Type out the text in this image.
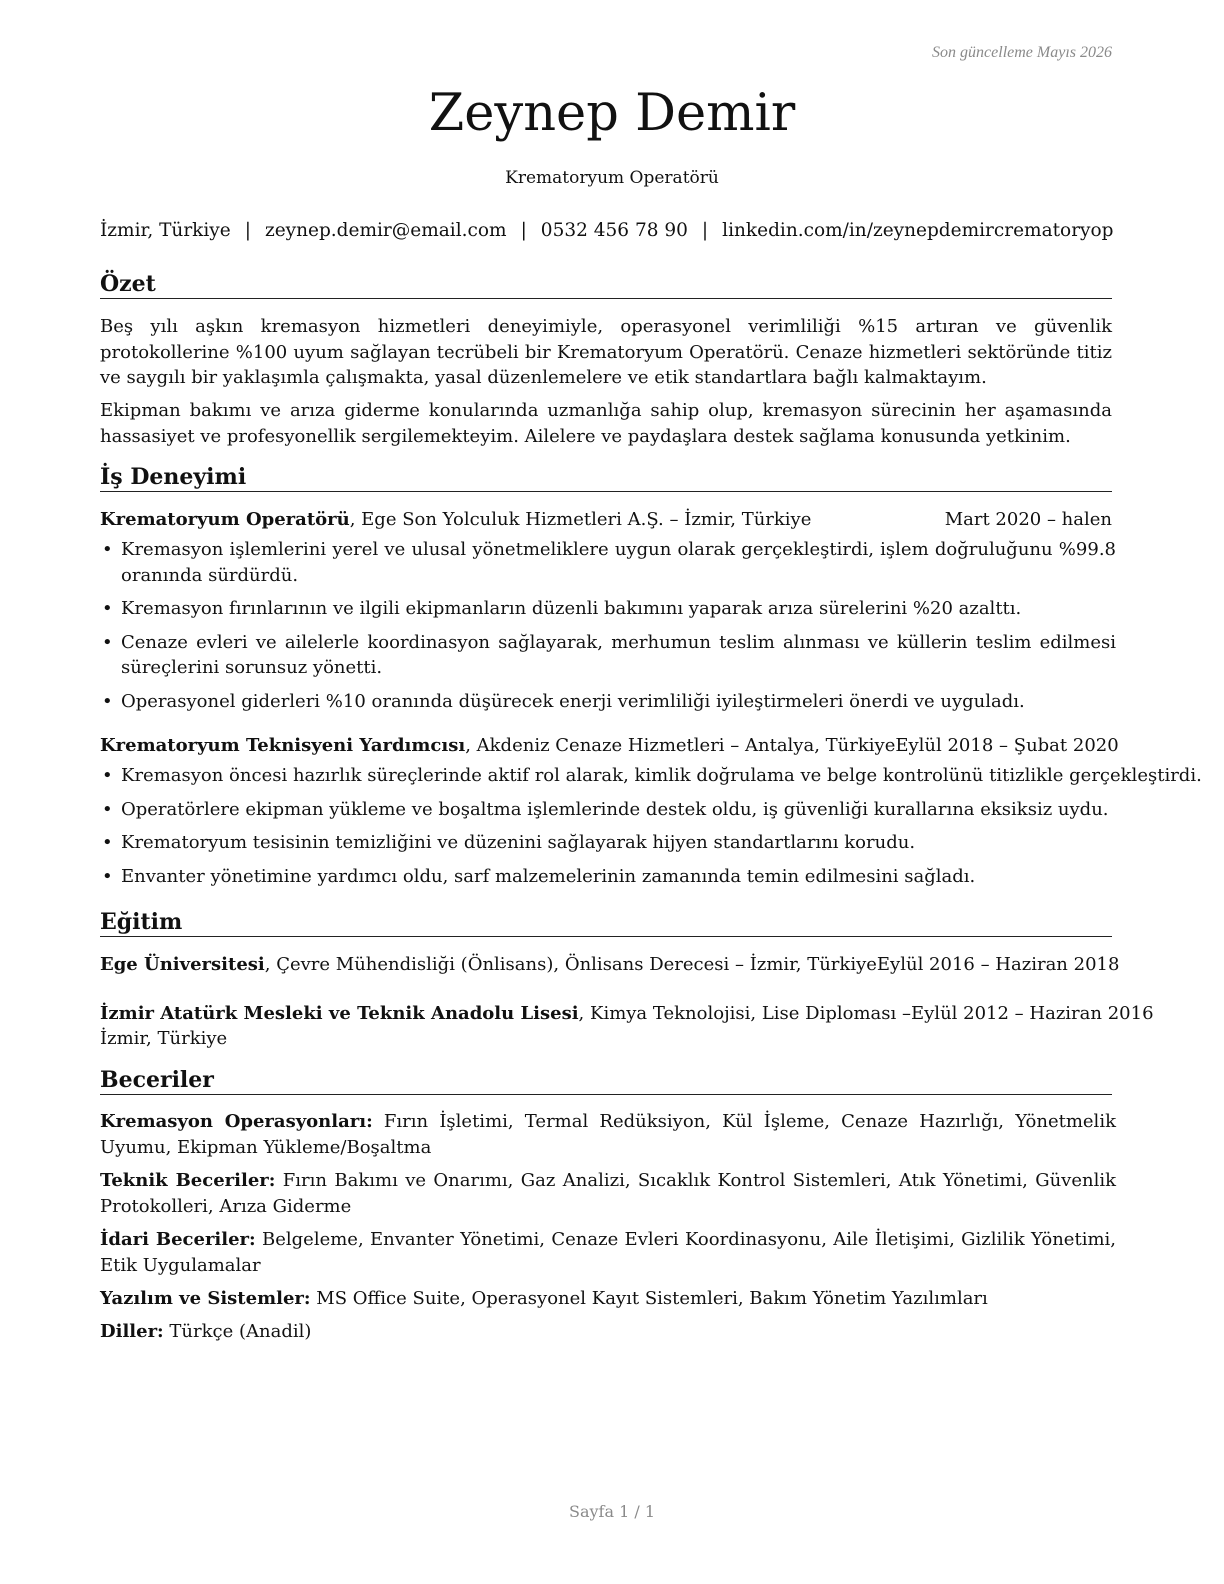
Son güncelleme Mayıs 2026
Zeynep Demir
Krematoryum Operatörü
İzmir, Türkiye | zeynep.demir@email.com | 0532 456 78 90 | linkedin.com/in/zeynepdemircrematoryop
Özet
Beş yılı aşkın kremasyon hizmetleri deneyimiyle, operasyonel verimliliği %15 artıran ve güvenlik protokollerine %100 uyum sağlayan tecrübeli bir Krematoryum Operatörü. Cenaze hizmetleri sektöründe titiz ve saygılı bir yaklaşımla çalışmakta, yasal düzenlemelere ve etik standartlara bağlı kalmaktayım.
Ekipman bakımı ve arıza giderme konularında uzmanlığa sahip olup, kremasyon sürecinin her aşamasında hassasiyet ve profesyonellik sergilemekteyim. Ailelere ve paydaşlara destek sağlama konusunda yetkinim.
İş Deneyimi
Krematoryum Operatörü, Ege Son Yolculuk Hizmetleri A.Ş. – İzmir, Türkiye	Mart 2020 – halen
• Kremasyon işlemlerini yerel ve ulusal yönetmeliklere uygun olarak gerçekleştirdi, işlem doğruluğunu %99.8 oranında sürdürdü.
• Kremasyon fırınlarının ve ilgili ekipmanların düzenli bakımını yaparak arıza sürelerini %20 azalttı.
• Cenaze evleri ve ailelerle koordinasyon sağlayarak, merhumun teslim alınması ve küllerin teslim edilmesi süreçlerini sorunsuz yönetti.
• Operasyonel giderleri %10 oranında düşürecek enerji verimliliği iyileştirmeleri önerdi ve uyguladı.
Krematoryum Teknisyeni Yardımcısı, Akdeniz Cenaze Hizmetleri – Antalya, Türkiye Eylül 2018 – Şubat 2020
• Kremasyon öncesi hazırlık süreçlerinde aktif rol alarak, kimlik doğrulama ve belge kontrolünü titizlikle gerçekleştirdi.
• Operatörlere ekipman yükleme ve boşaltma işlemlerinde destek oldu, iş güvenliği kurallarına eksiksiz uydu.
• Krematoryum tesisinin temizliğini ve düzenini sağlayarak hijyen standartlarını korudu.
• Envanter yönetimine yardımcı oldu, sarf malzemelerinin zamanında temin edilmesini sağladı.
Eğitim
Ege Üniversitesi, Çevre Mühendisliği (Önlisans), Önlisans Derecesi – İzmir, Türkiye Eylül 2016 – Haziran 2018
İzmir Atatürk Mesleki ve Teknik Anadolu Lisesi, Kimya Teknolojisi, Lise Diploması – Eylül 2012 – Haziran 2016
İzmir, Türkiye
Beceriler
Kremasyon Operasyonları: Fırın İşletimi, Termal Redüksiyon, Kül İşleme, Cenaze Hazırlığı, Yönetmelik Uyumu, Ekipman Yükleme/Boşaltma
Teknik Beceriler: Fırın Bakımı ve Onarımı, Gaz Analizi, Sıcaklık Kontrol Sistemleri, Atık Yönetimi, Güvenlik Protokolleri, Arıza Giderme
İdari Beceriler: Belgeleme, Envanter Yönetimi, Cenaze Evleri Koordinasyonu, Aile İletişimi, Gizlilik Yönetimi, Etik Uygulamalar
Yazılım ve Sistemler: MS Office Suite, Operasyonel Kayıt Sistemleri, Bakım Yönetim Yazılımları
Diller: Türkçe (Anadil)
Sayfa 1 / 1
